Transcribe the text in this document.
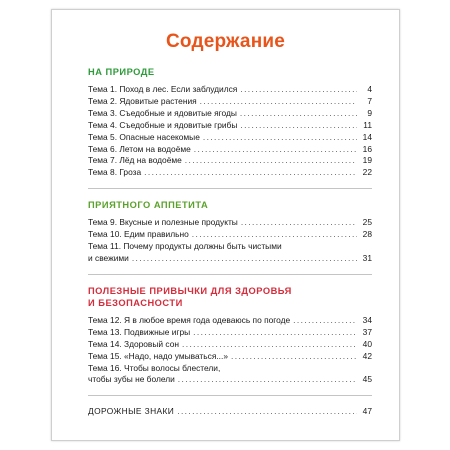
Содержание
НА ПРИРОДЕ
Тема 1. Поход в лес. Если заблудился .....	4
Тема 2. Ядовитые растения .....	7
Тема 3. Съедобные и ядовитые ягоды .....	9
Тема 4. Съедобные и ядовитые грибы .....	11
Тема 5. Опасные насекомые .....	14
Тема 6. Летом на водоёме .....	16
Тема 7. Лёд на водоёме .....	19
Тема 8. Гроза .....	22
ПРИЯТНОГО АППЕТИТА
Тема 9. Вкусные и полезные продукты .....	25
Тема 10. Едим правильно .....	28
Тема 11. Почему продукты должны быть чистыми
и свежими .....	31
ПОЛЕЗНЫЕ ПРИВЫЧКИ ДЛЯ ЗДОРОВЬЯ
И БЕЗОПАСНОСТИ
Тема 12. Я в любое время года одеваюсь по погоде .....	34
Тема 13. Подвижные игры .....	37
Тема 14. Здоровый сон .....	40
Тема 15. «Надо, надо умываться...» .....	42
Тема 16. Чтобы волосы блестели,
чтобы зубы не болели .....	45
ДОРОЖНЫЕ ЗНАКИ .....	47
